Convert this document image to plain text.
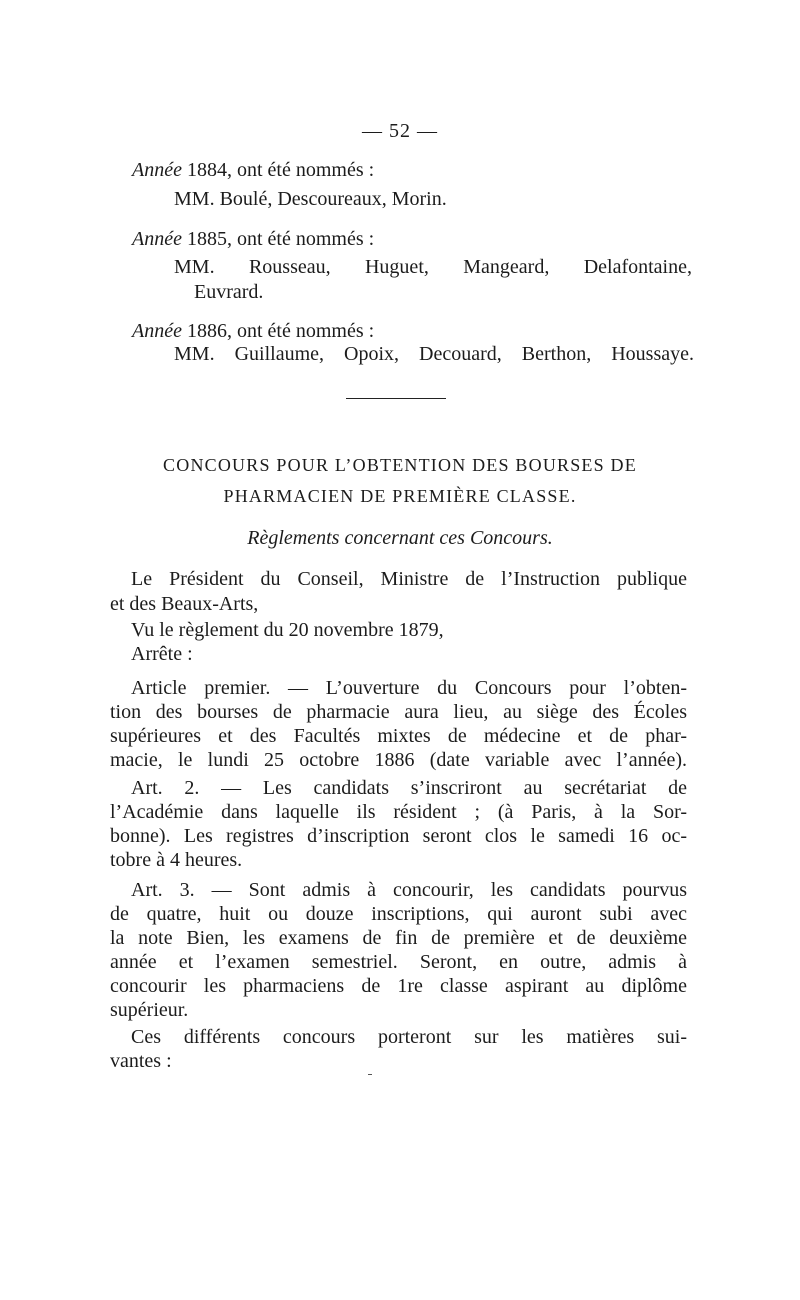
— 52 —
Année 1884, ont été nommés :
MM. Boulé, Descoureaux, Morin.
Année 1885, ont été nommés :
MM. Rousseau, Huguet, Mangeard, Delafontaine,
Euvrard.
Année 1886, ont été nommés :
MM. Guillaume, Opoix, Decouard, Berthon, Houssaye.
CONCOURS POUR L’OBTENTION DES BOURSES DE
PHARMACIEN DE PREMIÈRE CLASSE.
Règlements concernant ces Concours.
Le Président du Conseil, Ministre de l’Instruction publique
et des Beaux-Arts,
Vu le règlement du 20 novembre 1879,
Arrête :
Article premier. — L’ouverture du Concours pour l’obten-
tion des bourses de pharmacie aura lieu, au siège des Écoles
supérieures et des Facultés mixtes de médecine et de phar-
macie, le lundi 25 octobre 1886 (date variable avec l’année).
Art. 2. — Les candidats s’inscriront au secrétariat de
l’Académie dans laquelle ils résident ; (à Paris, à la Sor-
bonne). Les registres d’inscription seront clos le samedi 16 oc-
tobre à 4 heures.
Art. 3. — Sont admis à concourir, les candidats pourvus
de quatre, huit ou douze inscriptions, qui auront subi avec
la note Bien, les examens de fin de première et de deuxième
année et l’examen semestriel. Seront, en outre, admis à
concourir les pharmaciens de 1re classe aspirant au diplôme
supérieur.
Ces différents concours porteront sur les matières sui-
vantes :
